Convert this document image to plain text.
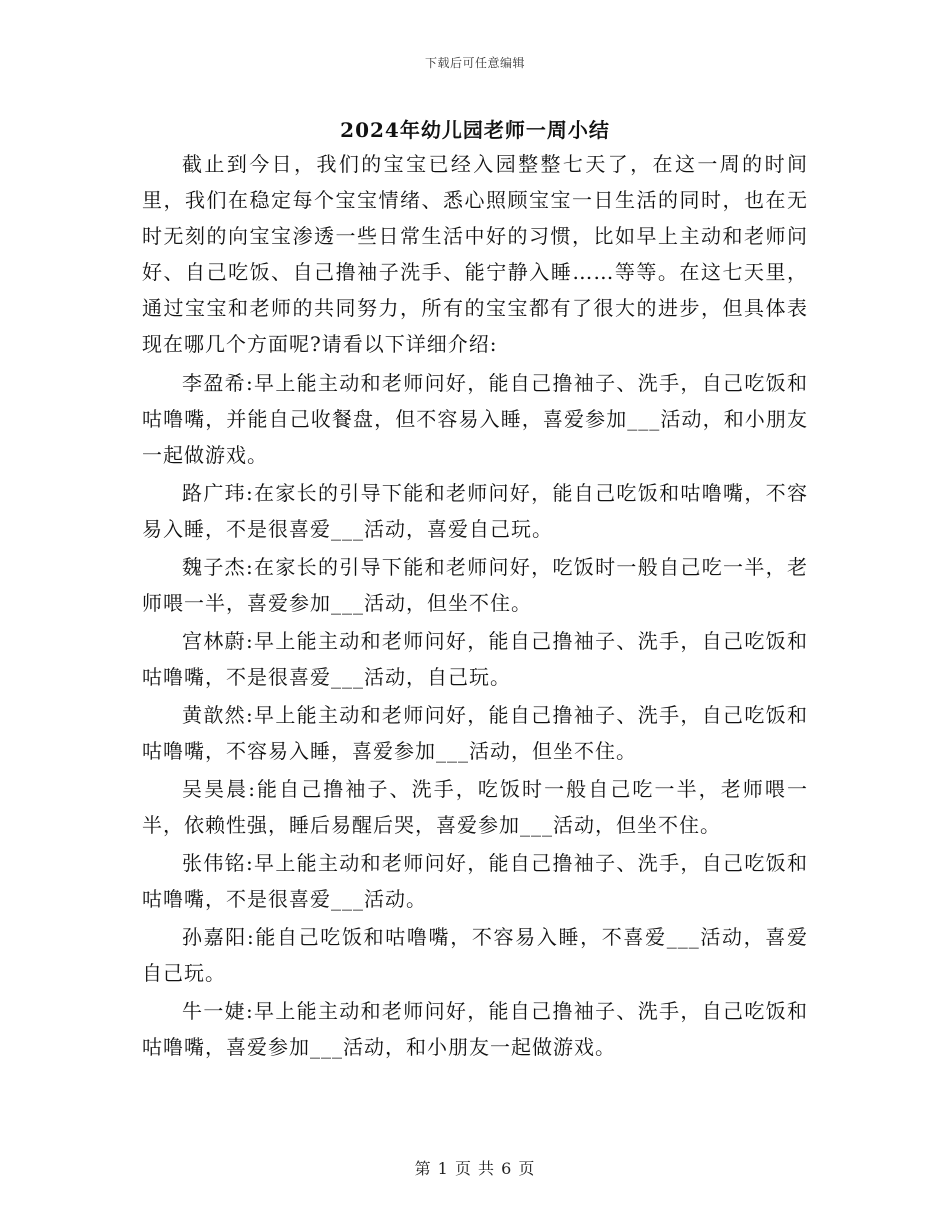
下载后可任意编辑
2024年幼儿园老师一周小结

截止到今日，我们的宝宝已经入园整整七天了，在这一周的时间里，我们在稳定每个宝宝情绪、悉心照顾宝宝一日生活的同时，也在无时无刻的向宝宝渗透一些日常生活中好的习惯，比如早上主动和老师问好、自己吃饭、自己撸袖子洗手、能宁静入睡……等等。在这七天里，通过宝宝和老师的共同努力，所有的宝宝都有了很大的进步，但具体表现在哪几个方面呢?请看以下详细介绍:

李盈希:早上能主动和老师问好，能自己撸袖子、洗手，自己吃饭和咕噜嘴，并能自己收餐盘，但不容易入睡，喜爱参加___活动，和小朋友一起做游戏。

路广玮:在家长的引导下能和老师问好，能自己吃饭和咕噜嘴，不容易入睡，不是很喜爱___活动，喜爱自己玩。

魏子杰:在家长的引导下能和老师问好，吃饭时一般自己吃一半，老师喂一半，喜爱参加___活动，但坐不住。

宫林蔚:早上能主动和老师问好，能自己撸袖子、洗手，自己吃饭和咕噜嘴，不是很喜爱___活动，自己玩。

黄歆然:早上能主动和老师问好，能自己撸袖子、洗手，自己吃饭和咕噜嘴，不容易入睡，喜爱参加___活动，但坐不住。

吴昊晨:能自己撸袖子、洗手，吃饭时一般自己吃一半，老师喂一半，依赖性强，睡后易醒后哭，喜爱参加___活动，但坐不住。

张伟铭:早上能主动和老师问好，能自己撸袖子、洗手，自己吃饭和咕噜嘴，不是很喜爱___活动。

孙嘉阳:能自己吃饭和咕噜嘴，不容易入睡，不喜爱___活动，喜爱自己玩。

牛一婕:早上能主动和老师问好，能自己撸袖子、洗手，自己吃饭和咕噜嘴，喜爱参加___活动，和小朋友一起做游戏。

第 1 页 共 6 页
